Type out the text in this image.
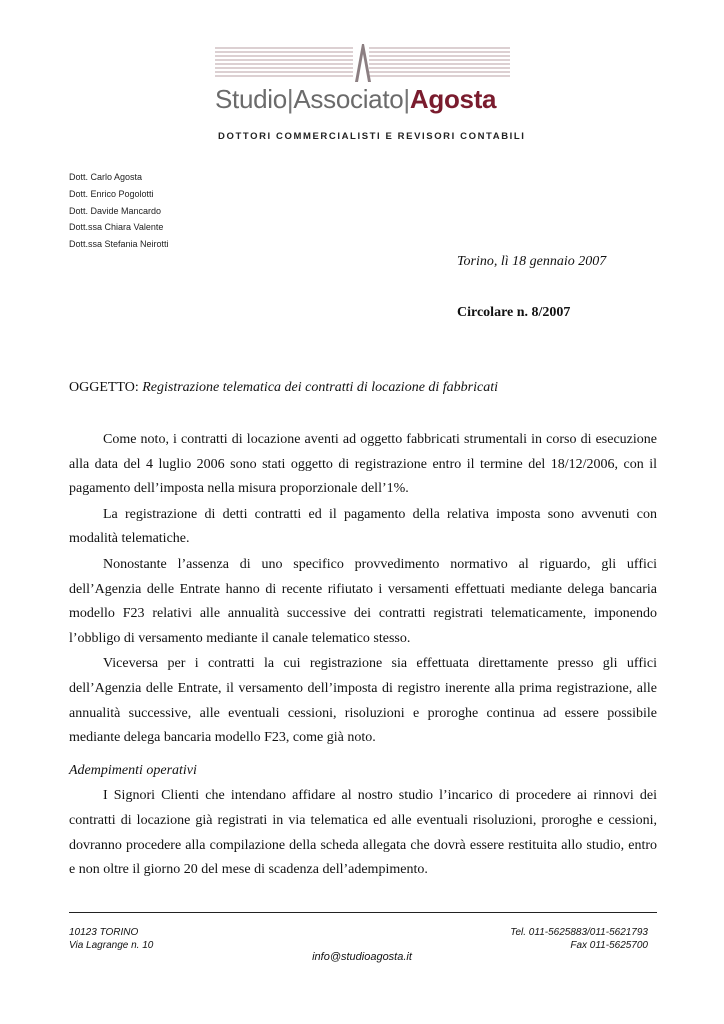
Studio|Associato|Agosta
DOTTORI COMMERCIALISTI E REVISORI CONTABILI
Dott. Carlo Agosta
Dott. Enrico Pogolotti
Dott. Davide Mancardo
Dott.ssa Chiara Valente
Dott.ssa Stefania Neirotti
Torino, lì 18 gennaio 2007
Circolare n. 8/2007
OGGETTO: Registrazione telematica dei contratti di locazione di fabbricati

Come noto, i contratti di locazione aventi ad oggetto fabbricati strumentali in corso di esecuzione alla data del 4 luglio 2006 sono stati oggetto di registrazione entro il termine del 18/12/2006, con il pagamento dell’imposta nella misura proporzionale dell’1%.

La registrazione di detti contratti ed il pagamento della relativa imposta sono avvenuti con modalità telematiche.

Nonostante l’assenza di uno specifico provvedimento normativo al riguardo, gli uffici dell’Agenzia delle Entrate hanno di recente rifiutato i versamenti effettuati mediante delega bancaria modello F23 relativi alle annualità successive dei contratti registrati telematicamente, imponendo l’obbligo di versamento mediante il canale telematico stesso.

Viceversa per i contratti la cui registrazione sia effettuata direttamente presso gli uffici dell’Agenzia delle Entrate, il versamento dell’imposta di registro inerente alla prima registrazione, alle annualità successive, alle eventuali cessioni, risoluzioni e proroghe continua ad essere possibile mediante delega bancaria modello F23, come già noto.

Adempimenti operativi

I Signori Clienti che intendano affidare al nostro studio l’incarico di procedere ai rinnovi dei contratti di locazione già registrati in via telematica ed alle eventuali risoluzioni, proroghe e cessioni, dovranno procedere alla compilazione della scheda allegata che dovrà essere restituita allo studio, entro e non oltre il giorno 20 del mese di scadenza dell’adempimento.

10123 TORINO
Via Lagrange n. 10
Tel. 011-5625883/011-5621793
Fax 011-5625700
info@studioagosta.it
